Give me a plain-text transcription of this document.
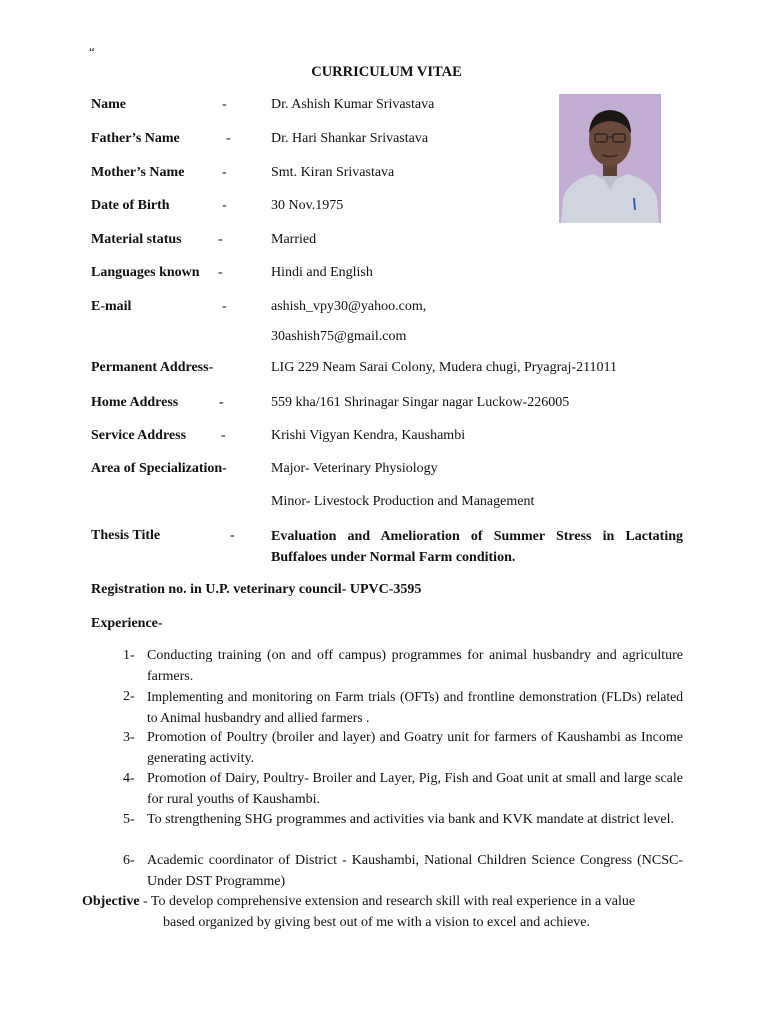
“
CURRICULUM VITAE
Name	-	Dr. Ashish Kumar Srivastava
Father’s Name	-	Dr. Hari Shankar Srivastava
Mother’s Name	-	Smt. Kiran Srivastava
Date of Birth	-	30 Nov.1975
Material status	-	Married
Languages known -	Hindi and English
E-mail	-	ashish_vpy30@yahoo.com,
30ashish75@gmail.com
Permanent Address-	LIG 229 Neam Sarai Colony, Mudera chugi, Pryagraj-211011
Home Address	-	559 kha/161 Shrinagar Singar nagar Luckow-226005
Service Address -	Krishi Vigyan Kendra, Kaushambi
Area of Specialization-	Major- Veterinary Physiology
Minor- Livestock Production and Management
Thesis Title	-	Evaluation and Amelioration of Summer Stress in Lactating Buffaloes under Normal Farm condition.
Registration no. in U.P. veterinary council- UPVC-3595
Experience-
1- Conducting training (on and off campus) programmes for animal husbandry and agriculture farmers.
2- Implementing and monitoring on Farm trials (OFTs) and frontline demonstration (FLDs) related to Animal husbandry and allied farmers .
3- Promotion of Poultry (broiler and layer) and Goatry unit for farmers of Kaushambi as Income generating activity.
4- Promotion of Dairy, Poultry- Broiler and Layer, Pig, Fish and Goat unit at small and large scale for rural youths of Kaushambi.
5- To strengthening SHG programmes and activities via bank and KVK mandate at district level.
6- Academic coordinator of District - Kaushambi, National Children Science Congress (NCSC- Under DST Programme)
Objective - To develop comprehensive extension and research skill with real experience in a value
based organized by giving best out of me with a vision to excel and achieve.
